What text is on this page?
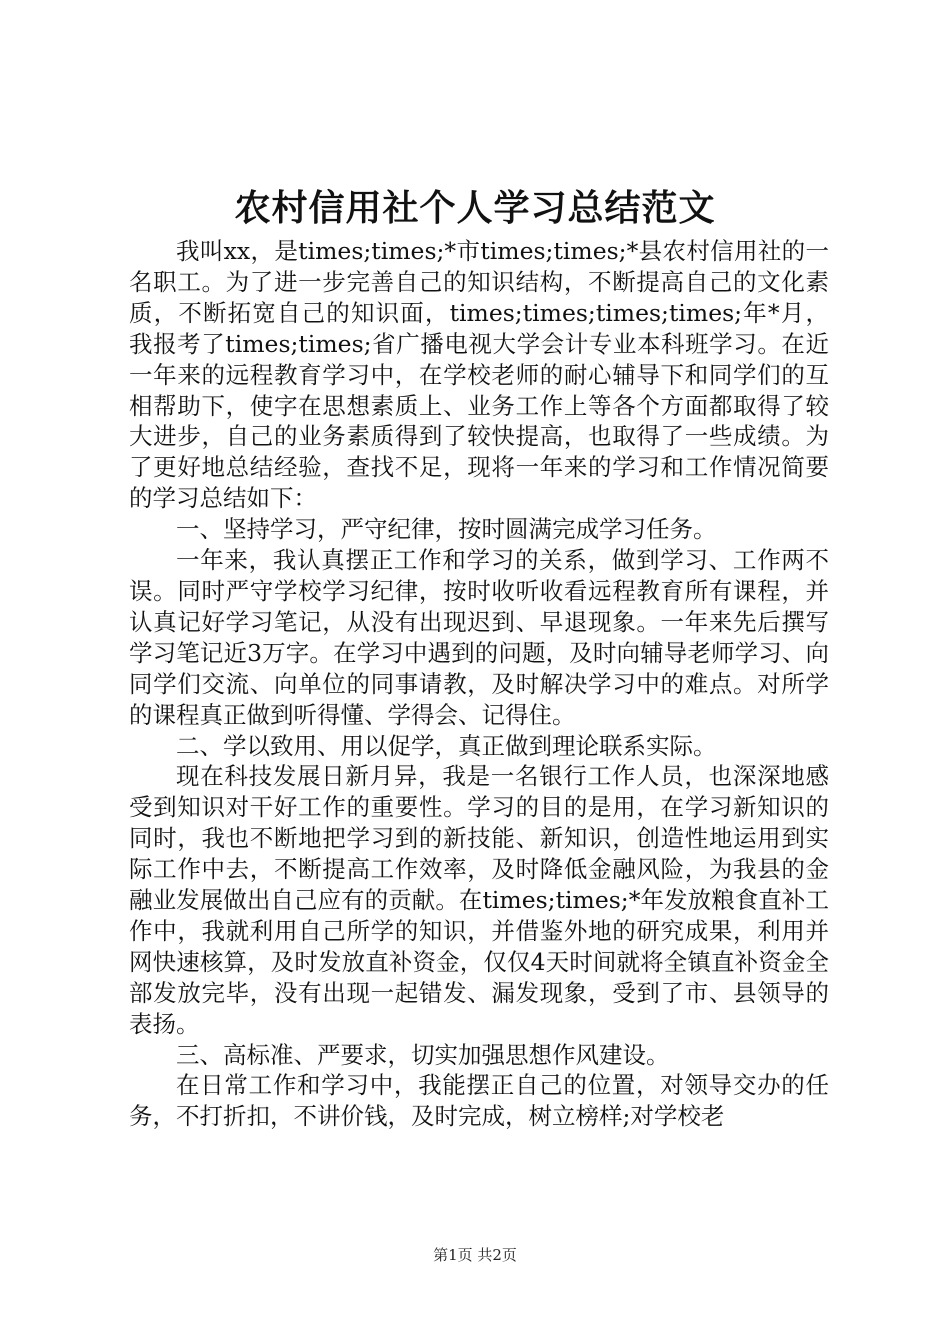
农村信用社个人学习总结范文

我叫xx，是times;times;*市times;times;*县农村信用社的一名职工。为了进一步完善自己的知识结构，不断提高自己的文化素质，不断拓宽自己的知识面，times;times;times;times;年*月，我报考了times;times;省广播电视大学会计专业本科班学习。在近一年来的远程教育学习中，在学校老师的耐心辅导下和同学们的互相帮助下，使字在思想素质上、业务工作上等各个方面都取得了较大进步，自己的业务素质得到了较快提高，也取得了一些成绩。为了更好地总结经验，查找不足，现将一年来的学习和工作情况简要的学习总结如下：

一、坚持学习，严守纪律，按时圆满完成学习任务。

一年来，我认真摆正工作和学习的关系，做到学习、工作两不误。同时严守学校学习纪律，按时收听收看远程教育所有课程，并认真记好学习笔记，从没有出现迟到、早退现象。一年来先后撰写学习笔记近3万字。在学习中遇到的问题，及时向辅导老师学习、向同学们交流、向单位的同事请教，及时解决学习中的难点。对所学的课程真正做到听得懂、学得会、记得住。

二、学以致用、用以促学，真正做到理论联系实际。

现在科技发展日新月异，我是一名银行工作人员，也深深地感受到知识对干好工作的重要性。学习的目的是用，在学习新知识的同时，我也不断地把学习到的新技能、新知识，创造性地运用到实际工作中去，不断提高工作效率，及时降低金融风险，为我县的金融业发展做出自己应有的贡献。在times;times;*年发放粮食直补工作中，我就利用自己所学的知识，并借鉴外地的研究成果，利用并网快速核算，及时发放直补资金，仅仅4天时间就将全镇直补资金全部发放完毕，没有出现一起错发、漏发现象，受到了市、县领导的表扬。

三、高标准、严要求，切实加强思想作风建设。

在日常工作和学习中，我能摆正自己的位置，对领导交办的任务，不打折扣，不讲价钱，及时完成，树立榜样;对学校老

第1页 共2页
